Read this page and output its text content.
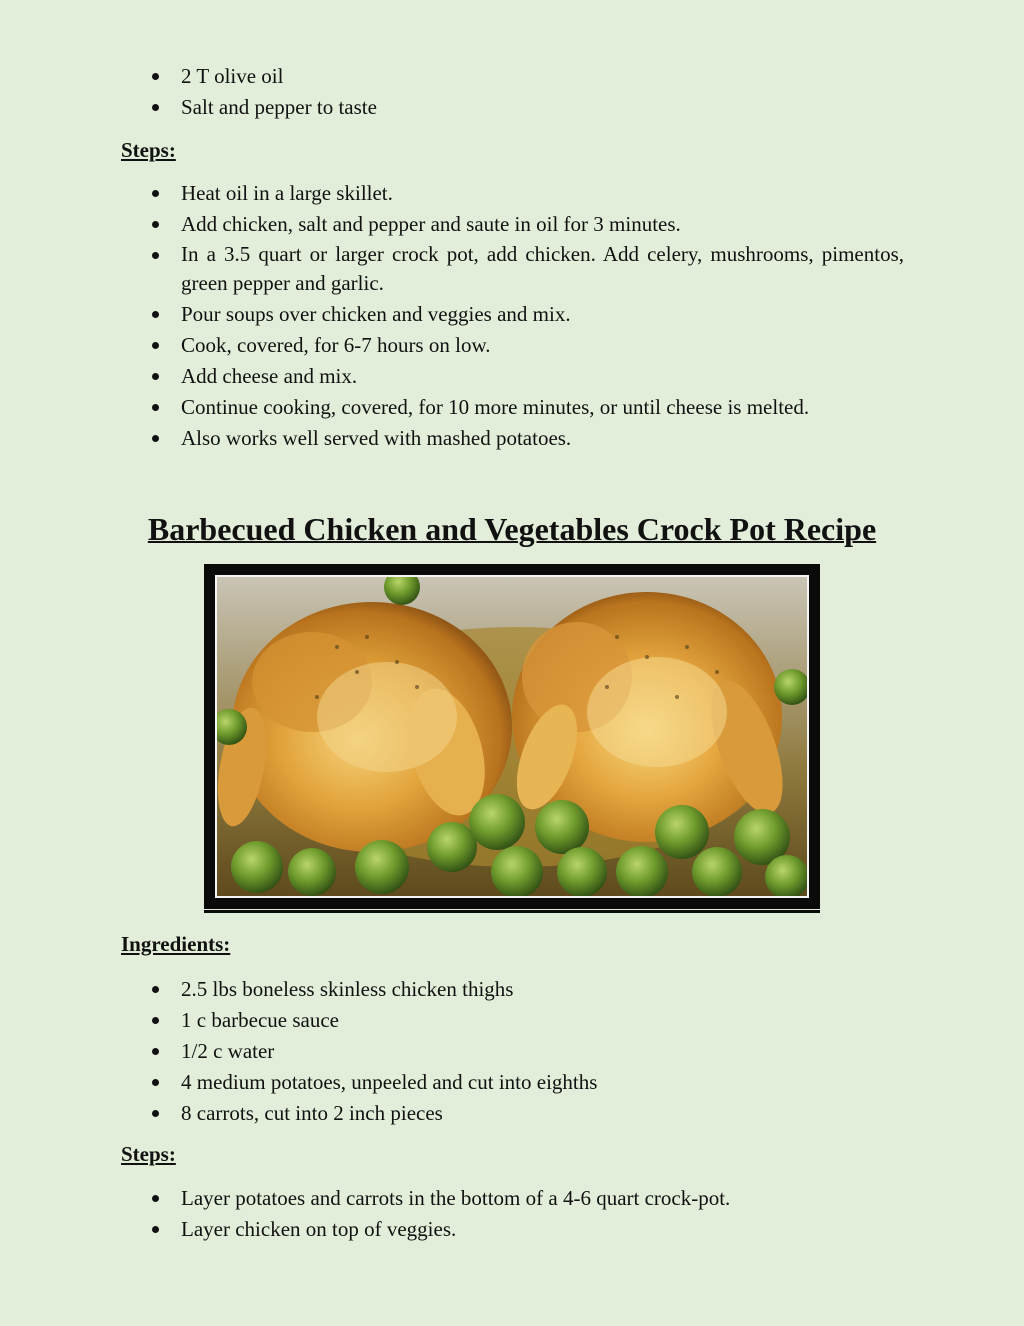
2 T olive oil
Salt and pepper to taste
Steps:
Heat oil in a large skillet.
Add chicken, salt and pepper and saute in oil for 3 minutes.
In a 3.5 quart or larger crock pot, add chicken. Add celery, mushrooms, pimentos, green pepper and garlic.
Pour soups over chicken and veggies and mix.
Cook, covered, for 6-7 hours on low.
Add cheese and mix.
Continue cooking, covered, for 10 more minutes, or until cheese is melted.
Also works well served with mashed potatoes.
Barbecued Chicken and Vegetables Crock Pot Recipe
Ingredients:
2.5 lbs boneless skinless chicken thighs
1 c barbecue sauce
1/2 c water
4 medium potatoes, unpeeled and cut into eighths
8 carrots, cut into 2 inch pieces
Steps:
Layer potatoes and carrots in the bottom of a 4-6 quart crock-pot.
Layer chicken on top of veggies.
